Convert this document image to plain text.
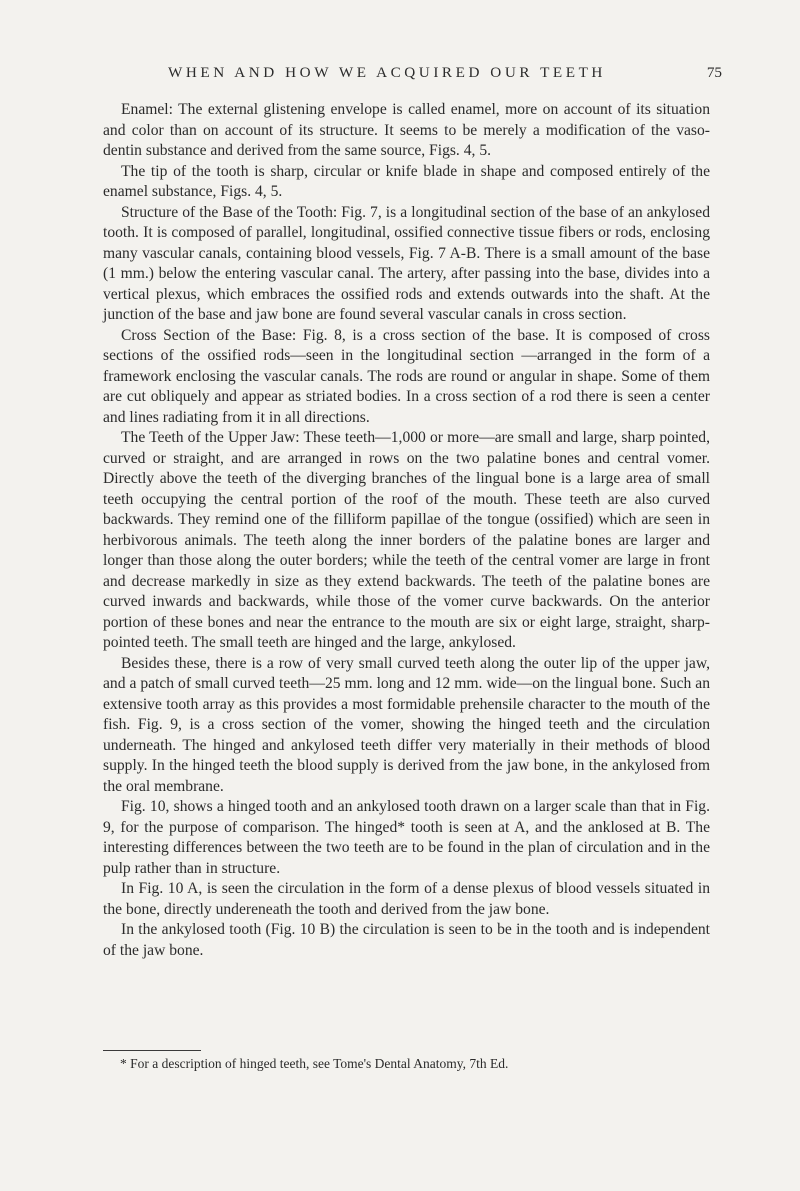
WHEN AND HOW WE ACQUIRED OUR TEETH	75

Enamel: The external glistening envelope is called enamel, more on account of its situation and color than on account of its structure. It seems to be merely a modification of the vaso-dentin substance and derived from the same source, Figs. 4, 5.

The tip of the tooth is sharp, circular or knife blade in shape and composed entirely of the enamel substance, Figs. 4, 5.

Structure of the Base of the Tooth: Fig. 7, is a longitudinal section of the base of an ankylosed tooth. It is composed of parallel, longitudinal, ossified connective tissue fibers or rods, enclosing many vascular canals, containing blood vessels, Fig. 7 A-B. There is a small amount of the base (1 mm.) below the entering vascular canal. The artery, after passing into the base, divides into a vertical plexus, which embraces the ossified rods and extends outwards into the shaft. At the junction of the base and jaw bone are found several vascular canals in cross section.

Cross Section of the Base: Fig. 8, is a cross section of the base. It is composed of cross sections of the ossified rods—seen in the longitudinal section —arranged in the form of a framework enclosing the vascular canals. The rods are round or angular in shape. Some of them are cut obliquely and appear as striated bodies. In a cross section of a rod there is seen a center and lines radiating from it in all directions.

The Teeth of the Upper Jaw: These teeth—1,000 or more—are small and large, sharp pointed, curved or straight, and are arranged in rows on the two palatine bones and central vomer. Directly above the teeth of the diverging branches of the lingual bone is a large area of small teeth occupying the central portion of the roof of the mouth. These teeth are also curved backwards. They remind one of the filliform papillae of the tongue (ossified) which are seen in herbivorous animals. The teeth along the inner borders of the palatine bones are larger and longer than those along the outer borders; while the teeth of the central vomer are large in front and decrease markedly in size as they extend backwards. The teeth of the palatine bones are curved inwards and backwards, while those of the vomer curve backwards. On the anterior portion of these bones and near the entrance to the mouth are six or eight large, straight, sharp-pointed teeth. The small teeth are hinged and the large, ankylosed.

Besides these, there is a row of very small curved teeth along the outer lip of the upper jaw, and a patch of small curved teeth—25 mm. long and 12 mm. wide—on the lingual bone. Such an extensive tooth array as this provides a most formidable prehensile character to the mouth of the fish. Fig. 9, is a cross section of the vomer, showing the hinged teeth and the circulation underneath. The hinged and ankylosed teeth differ very materially in their methods of blood supply. In the hinged teeth the blood supply is derived from the jaw bone, in the ankylosed from the oral membrane.

Fig. 10, shows a hinged tooth and an ankylosed tooth drawn on a larger scale than that in Fig. 9, for the purpose of comparison. The hinged* tooth is seen at A, and the anklosed at B. The interesting differences between the two teeth are to be found in the plan of circulation and in the pulp rather than in structure.

In Fig. 10 A, is seen the circulation in the form of a dense plexus of blood vessels situated in the bone, directly undereneath the tooth and derived from the jaw bone.

In the ankylosed tooth (Fig. 10 B) the circulation is seen to be in the tooth and is independent of the jaw bone.

* For a description of hinged teeth, see Tome's Dental Anatomy, 7th Ed.
